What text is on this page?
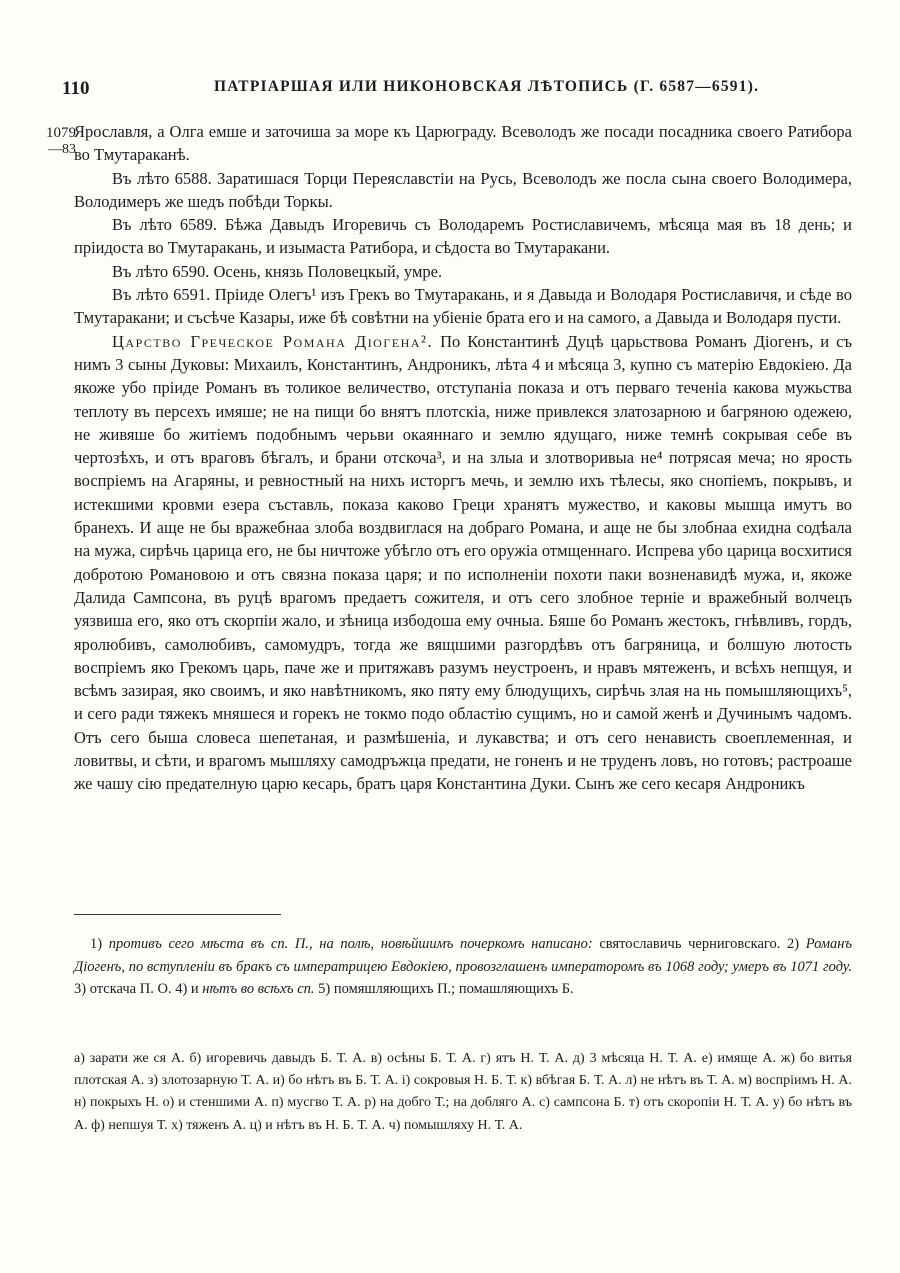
110	ПАТРІАРШАЯ ИЛИ НИКОНОВСКАЯ ЛѢТОПИСЬ (Г. 6587—6591).
1079
—83

Ярославля, а Олга емше и заточиша за море къ Царюграду. Всеволодъ же посади посадника своего Ратибора во Тмутараканѣ.

Въ лѣто 6588. Заратишася Торци Переяславстіи на Русь, Всеволодъ же посла сына своего Володимера, Володимеръ же шедъ побѣди Торкы.

Въ лѣто 6589. Бѣжа Давыдъ Игоревичь съ Володаремъ Ростиславичемъ, мѣсяца мая въ 18 день; и пріидоста во Тмутаракань, и изымаста Ратибора, и сѣдоста во Тмутаракани.

Въ лѣто 6590. Осень, князь Половецкый, умре.

Въ лѣто 6591. Пріиде Олегъ¹ изъ Грекъ во Тмутаракань, и я Давыда и Володаря Ростиславичя, и сѣде во Тмутаракани; и съсѣче Казары, иже бѣ совѣтни на убіеніе брата его и на самого, а Давыда и Володаря пусти.

Царство Греческое Романа Діогена². По Константинѣ Дуцѣ царьствова Романъ Діогенъ, и съ нимъ 3 сыны Дуковы: Михаилъ, Константинъ, Андроникъ, лѣта 4 и мѣсяца 3, купно съ матерію Евдокіею. Да якоже убо пріиде Романъ въ толикое величество, отступаніа показа и отъ перваго теченіа какова мужьства теплоту въ персехъ имяше; не на пищи бо внятъ плотскіа, ниже привлекся златозарною и багряною одежею, не живяше бо житіемъ подобнымъ черьви окаяннаго и землю ядущаго, ниже темнѣ сокрывая себе въ чертозѣхъ, и отъ враговъ бѣгалъ, и брани отскоча³, и на злыа и злотворивыа не⁴ потрясая меча; но ярость воспріемъ на Агаряны, и ревностный на нихъ исторгъ мечь, и землю ихъ тѣлесы, яко снопіемъ, покрывъ, и истекшими кровми езера съставль, показа каково Греци хранятъ мужество, и каковы мышца имутъ во бранехъ. И аще не бы вражебнаа злоба воздвиглася на добраго Романа, и аще не бы злобнаа ехидна содѣала на мужа, сирѣчь царица его, не бы ничтоже убѣгло отъ его оружіа отмщеннаго. Испрева убо царица восхитися добротою Романовою и отъ связна показа царя; и по исполненіи похоти паки возненавидѣ мужа, и, якоже Далида Сампсона, въ руцѣ врагомъ предаетъ сожителя, и отъ сего злобное терніе и вражебный волчецъ уязвиша его, яко отъ скорпіи жало, и зѣница избодоша ему очныа. Бяше бо Романъ жестокъ, гнѣвливъ, гордъ, яролюбивъ, самолюбивъ, самомудръ, тогда же вящшими разгордѣвъ отъ багряница, и болшую лютость воспріемъ яко Грекомъ царь, паче же и притяжавъ разумъ неустроенъ, и нравъ мятеженъ, и всѣхъ непщуя, и всѣмъ зазирая, яко своимъ, и яко навѣтникомъ, яко пяту ему блюдущихъ, сирѣчь злая на нь помышляющихъ⁵, и сего ради тяжекъ мняшеся и горекъ не токмо подо областію сущимъ, но и самой женѣ и Дучинымъ чадомъ. Отъ сего быша словеса шепетаная, и размѣшеніа, и лукавства; и отъ сего ненависть своеплеменная, и ловитвы, и сѣти, и врагомъ мышляху самодръжца предати, не гоненъ и не труденъ ловъ, но готовъ; растроаше же чашу сію предателную царю кесарь, братъ царя Константина Дуки. Сынъ же сего кесаря Андроникъ

1) противъ сего мѣста въ сп. П., на полѣ, новѣйшимъ почеркомъ написано: святославичь черниговскаго. 2) Романъ Діогенъ, по вступленіи въ бракъ съ императрицею Евдокіею, провозглашенъ императоромъ въ 1068 году; умеръ въ 1071 году. 3) отскача П. О. 4) и нѣтъ во всѣхъ сп. 5) помяшляющихъ П.; помашляющихъ Б.

а) зарати же ся А. б) игоревичь давыдъ Б. Т. А. в) осѣны Б. Т. А. г) ятъ Н. Т. А. д) 3 мѣсяца Н. Т. А. е) имяще А. ж) бо витья плотская А. з) злотозарную Т. А. и) бо нѣтъ въ Б. Т. А. і) сокровыя Н. Б. Т. к) вбѣгая Б. Т. А. л) не нѣтъ въ Т. А. м) воспріимъ Н. А. н) покрыхъ Н. о) и стеншими А. п) мусгво Т. А. р) на добго Т.; на доблягo А. с) сампсона Б. т) отъ скоропіи Н. Т. А. у) бо нѣтъ въ А. ф) непшуя Т. х) тяженъ А. ц) и нѣтъ въ Н. Б. Т. А. ч) помышляху Н. Т. А.
